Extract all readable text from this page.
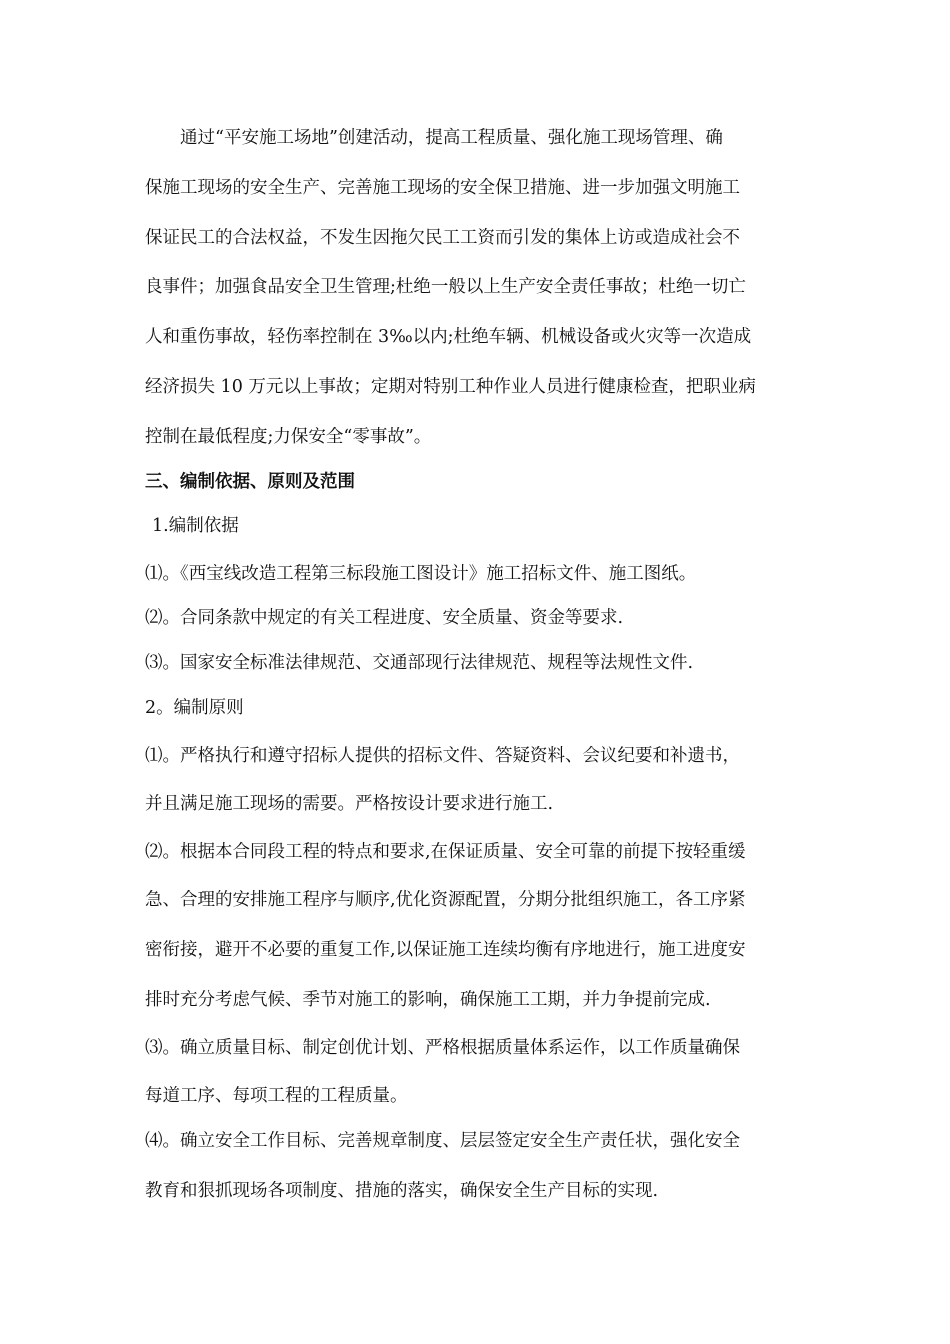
通过“平安施工场地”创建活动，提高工程质量、强化施工现场管理、确
保施工现场的安全生产、完善施工现场的安全保卫措施、进一步加强文明施工
保证民工的合法权益，不发生因拖欠民工工资而引发的集体上访或造成社会不
良事件；加强食品安全卫生管理;杜绝一般以上生产安全责任事故；杜绝一切亡
人和重伤事故，轻伤率控制在 3‰以内;杜绝车辆、机械设备或火灾等一次造成
经济损失 10 万元以上事故；定期对特别工种作业人员进行健康检查，把职业病
控制在最低程度;力保安全“零事故”。
三、编制依据、原则及范围
1.编制依据
⑴。《西宝线改造工程第三标段施工图设计》施工招标文件、施工图纸。
⑵。合同条款中规定的有关工程进度、安全质量、资金等要求.
⑶。国家安全标准法律规范、交通部现行法律规范、规程等法规性文件.
2。编制原则
⑴。严格执行和遵守招标人提供的招标文件、答疑资料、会议纪要和补遗书，
并且满足施工现场的需要。严格按设计要求进行施工.
⑵。根据本合同段工程的特点和要求,在保证质量、安全可靠的前提下按轻重缓
急、合理的安排施工程序与顺序,优化资源配置，分期分批组织施工，各工序紧
密衔接，避开不必要的重复工作,以保证施工连续均衡有序地进行，施工进度安
排时充分考虑气候、季节对施工的影响，确保施工工期，并力争提前完成.
⑶。确立质量目标、制定创优计划、严格根据质量体系运作，以工作质量确保
每道工序、每项工程的工程质量。
⑷。确立安全工作目标、完善规章制度、层层签定安全生产责任状，强化安全
教育和狠抓现场各项制度、措施的落实，确保安全生产目标的实现.
